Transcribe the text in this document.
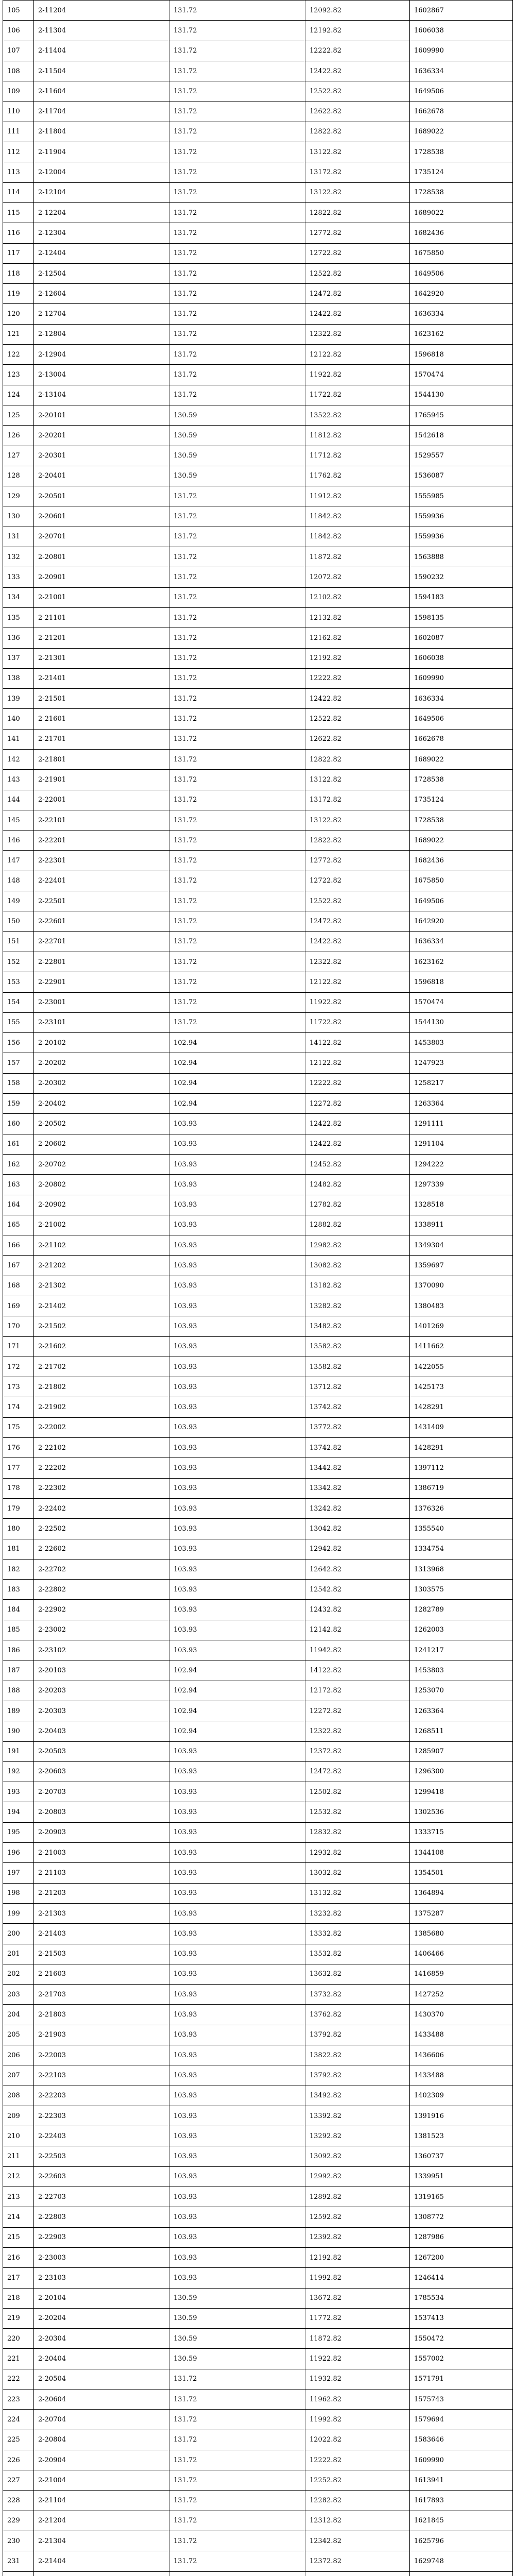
105	2-11204	131.72	12092.82	1602867
106	2-11304	131.72	12192.82	1606038
107	2-11404	131.72	12222.82	1609990
108	2-11504	131.72	12422.82	1636334
109	2-11604	131.72	12522.82	1649506
110	2-11704	131.72	12622.82	1662678
111	2-11804	131.72	12822.82	1689022
112	2-11904	131.72	13122.82	1728538
113	2-12004	131.72	13172.82	1735124
114	2-12104	131.72	13122.82	1728538
115	2-12204	131.72	12822.82	1689022
116	2-12304	131.72	12772.82	1682436
117	2-12404	131.72	12722.82	1675850
118	2-12504	131.72	12522.82	1649506
119	2-12604	131.72	12472.82	1642920
120	2-12704	131.72	12422.82	1636334
121	2-12804	131.72	12322.82	1623162
122	2-12904	131.72	12122.82	1596818
123	2-13004	131.72	11922.82	1570474
124	2-13104	131.72	11722.82	1544130
125	2-20101	130.59	13522.82	1765945
126	2-20201	130.59	11812.82	1542618
127	2-20301	130.59	11712.82	1529557
128	2-20401	130.59	11762.82	1536087
129	2-20501	131.72	11912.82	1555985
130	2-20601	131.72	11842.82	1559936
131	2-20701	131.72	11842.82	1559936
132	2-20801	131.72	11872.82	1563888
133	2-20901	131.72	12072.82	1590232
134	2-21001	131.72	12102.82	1594183
135	2-21101	131.72	12132.82	1598135
136	2-21201	131.72	12162.82	1602087
137	2-21301	131.72	12192.82	1606038
138	2-21401	131.72	12222.82	1609990
139	2-21501	131.72	12422.82	1636334
140	2-21601	131.72	12522.82	1649506
141	2-21701	131.72	12622.82	1662678
142	2-21801	131.72	12822.82	1689022
143	2-21901	131.72	13122.82	1728538
144	2-22001	131.72	13172.82	1735124
145	2-22101	131.72	13122.82	1728538
146	2-22201	131.72	12822.82	1689022
147	2-22301	131.72	12772.82	1682436
148	2-22401	131.72	12722.82	1675850
149	2-22501	131.72	12522.82	1649506
150	2-22601	131.72	12472.82	1642920
151	2-22701	131.72	12422.82	1636334
152	2-22801	131.72	12322.82	1623162
153	2-22901	131.72	12122.82	1596818
154	2-23001	131.72	11922.82	1570474
155	2-23101	131.72	11722.82	1544130
156	2-20102	102.94	14122.82	1453803
157	2-20202	102.94	12122.82	1247923
158	2-20302	102.94	12222.82	1258217
159	2-20402	102.94	12272.82	1263364
160	2-20502	103.93	12422.82	1291111
161	2-20602	103.93	12422.82	1291104
162	2-20702	103.93	12452.82	1294222
163	2-20802	103.93	12482.82	1297339
164	2-20902	103.93	12782.82	1328518
165	2-21002	103.93	12882.82	1338911
166	2-21102	103.93	12982.82	1349304
167	2-21202	103.93	13082.82	1359697
168	2-21302	103.93	13182.82	1370090
169	2-21402	103.93	13282.82	1380483
170	2-21502	103.93	13482.82	1401269
171	2-21602	103.93	13582.82	1411662
172	2-21702	103.93	13582.82	1422055
173	2-21802	103.93	13712.82	1425173
174	2-21902	103.93	13742.82	1428291
175	2-22002	103.93	13772.82	1431409
176	2-22102	103.93	13742.82	1428291
177	2-22202	103.93	13442.82	1397112
178	2-22302	103.93	13342.82	1386719
179	2-22402	103.93	13242.82	1376326
180	2-22502	103.93	13042.82	1355540
181	2-22602	103.93	12942.82	1334754
182	2-22702	103.93	12642.82	1313968
183	2-22802	103.93	12542.82	1303575
184	2-22902	103.93	12432.82	1282789
185	2-23002	103.93	12142.82	1262003
186	2-23102	103.93	11942.82	1241217
187	2-20103	102.94	14122.82	1453803
188	2-20203	102.94	12172.82	1253070
189	2-20303	102.94	12272.82	1263364
190	2-20403	102.94	12322.82	1268511
191	2-20503	103.93	12372.82	1285907
192	2-20603	103.93	12472.82	1296300
193	2-20703	103.93	12502.82	1299418
194	2-20803	103.93	12532.82	1302536
195	2-20903	103.93	12832.82	1333715
196	2-21003	103.93	12932.82	1344108
197	2-21103	103.93	13032.82	1354501
198	2-21203	103.93	13132.82	1364894
199	2-21303	103.93	13232.82	1375287
200	2-21403	103.93	13332.82	1385680
201	2-21503	103.93	13532.82	1406466
202	2-21603	103.93	13632.82	1416859
203	2-21703	103.93	13732.82	1427252
204	2-21803	103.93	13762.82	1430370
205	2-21903	103.93	13792.82	1433488
206	2-22003	103.93	13822.82	1436606
207	2-22103	103.93	13792.82	1433488
208	2-22203	103.93	13492.82	1402309
209	2-22303	103.93	13392.82	1391916
210	2-22403	103.93	13292.82	1381523
211	2-22503	103.93	13092.82	1360737
212	2-22603	103.93	12992.82	1339951
213	2-22703	103.93	12892.82	1319165
214	2-22803	103.93	12592.82	1308772
215	2-22903	103.93	12392.82	1287986
216	2-23003	103.93	12192.82	1267200
217	2-23103	103.93	11992.82	1246414
218	2-20104	130.59	13672.82	1785534
219	2-20204	130.59	11772.82	1537413
220	2-20304	130.59	11872.82	1550472
221	2-20404	130.59	11922.82	1557002
222	2-20504	131.72	11932.82	1571791
223	2-20604	131.72	11962.82	1575743
224	2-20704	131.72	11992.82	1579694
225	2-20804	131.72	12022.82	1583646
226	2-20904	131.72	12222.82	1609990
227	2-21004	131.72	12252.82	1613941
228	2-21104	131.72	12282.82	1617893
229	2-21204	131.72	12312.82	1621845
230	2-21304	131.72	12342.82	1625796
231	2-21404	131.72	12372.82	1629748
